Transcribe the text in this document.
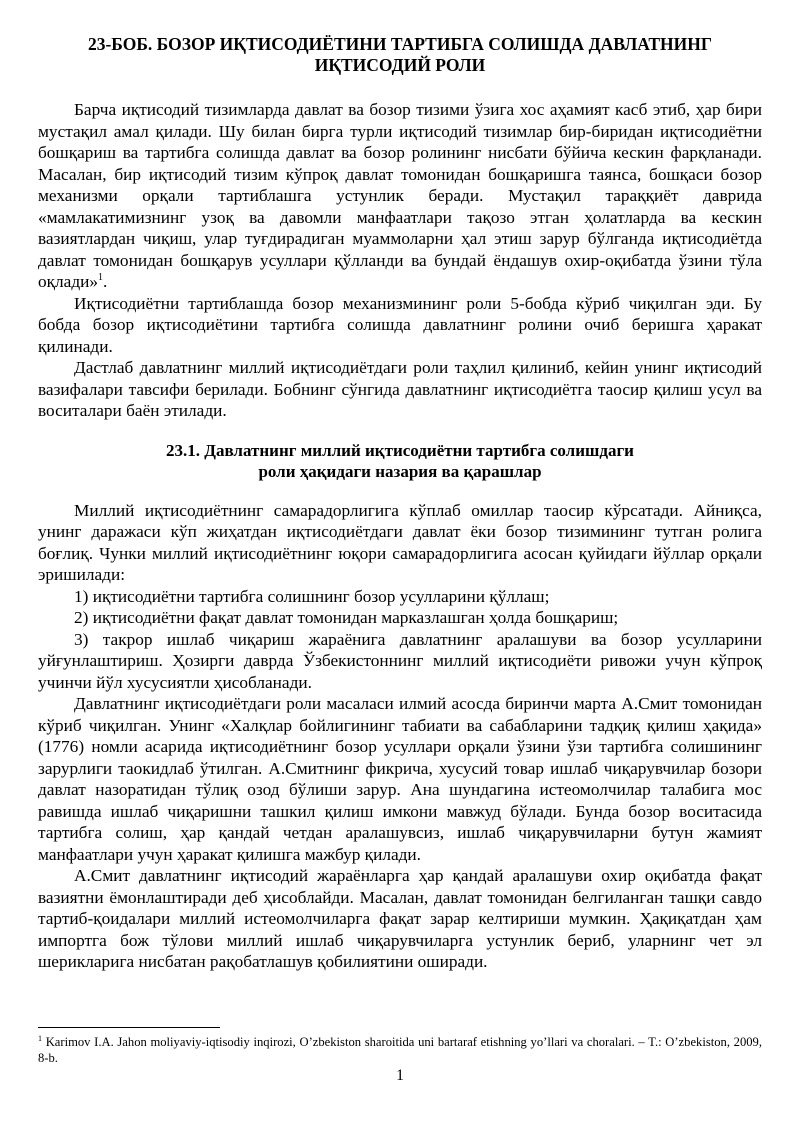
23-БОБ. БОЗОР ИҚТИСОДИЁТИНИ ТАРТИБГА СОЛИШДА ДАВЛАТНИНГ
ИҚТИСОДИЙ РОЛИ

Барча иқтисодий тизимларда давлат ва бозор тизими ўзига хос аҳамият касб этиб, ҳар бири мустақил амал қилади. Шу билан бирга турли иқтисодий тизимлар бир-биридан иқтисодиётни бошқариш ва тартибга солишда давлат ва бозор ролининг нисбати бўйича кескин фарқланади. Масалан, бир иқтисодий тизим кўпроқ давлат томонидан бошқаришга таянса, бошқаси бозор механизми орқали тартиблашга устунлик беради. Мустақил тараққиёт даврида «мамлакатимизнинг узоқ ва давомли манфаатлари тақозо этган ҳолатларда ва кескин вазиятлардан чиқиш, улар туғдирадиган муаммоларни ҳал этиш зарур бўлганда иқтисодиётда давлат томонидан бошқарув усуллари қўлланди ва бундай ёндашув охир-оқибатда ўзини тўла оқлади»$^1$.

Иқтисодиётни тартиблашда бозор механизмининг роли 5-бобда кўриб чиқилган эди. Бу бобда бозор иқтисодиётини тартибга солишда давлатнинг ролини очиб беришга ҳаракат қилинади.

Дастлаб давлатнинг миллий иқтисодиётдаги роли таҳлил қилиниб, кейин унинг иқтисодий вазифалари тавсифи берилади. Бобнинг сўнгида давлатнинг иқтисодиётга таосир қилиш усул ва воситалари баён этилади.

23.1. Давлатнинг миллий иқтисодиётни тартибга солишдаги
роли ҳақидаги назария ва қарашлар

Миллий иқтисодиётнинг самарадорлигига кўплаб омиллар таосир кўрсатади. Айниқса, унинг даражаси кўп жиҳатдан иқтисодиётдаги давлат ёки бозор тизимининг тутган ролига боғлиқ. Чунки миллий иқтисодиётнинг юқори самарадорлигига асосан қуйидаги йўллар орқали эришилади:

1) иқтисодиётни тартибга солишнинг бозор усулларини қўллаш;

2) иқтисодиётни фақат давлат томонидан марказлашган ҳолда бошқариш;

3) такрор ишлаб чиқариш жараёнига давлатнинг аралашуви ва бозор усулларини уйғунлаштириш. Ҳозирги даврда Ўзбекистоннинг миллий иқтисодиёти ривожи учун кўпроқ учинчи йўл хусусиятли ҳисобланади.

Давлатнинг иқтисодиётдаги роли масаласи илмий асосда биринчи марта А.Смит томонидан кўриб чиқилган. Унинг «Халқлар бойлигининг табиати ва сабабларини тадқиқ қилиш ҳақида» (1776) номли асарида иқтисодиётнинг бозор усуллари орқали ўзини ўзи тартибга солишининг зарурлиги таокидлаб ўтилган. А.Смитнинг фикрича, хусусий товар ишлаб чиқарувчилар бозори давлат назоратидан тўлиқ озод бўлиши зарур. Ана шундагина истеомолчилар талабига мос равишда ишлаб чиқаришни ташкил қилиш имкони мавжуд бўлади. Бунда бозор воситасида тартибга солиш, ҳар қандай четдан аралашувсиз, ишлаб чиқарувчиларни бутун жамият манфаатлари учун ҳаракат қилишга мажбур қилади.

А.Смит давлатнинг иқтисодий жараёнларга ҳар қандай аралашуви охир оқибатда фақат вазиятни ёмонлаштиради деб ҳисоблайди. Масалан, давлат томонидан белгиланган ташқи савдо тартиб-қоидалари миллий истеомолчиларга фақат зарар келтириши мумкин. Ҳақиқатдан ҳам импортга бож тўлови миллий ишлаб чиқарувчиларга устунлик бериб, уларнинг чет эл шерикларига нисбатан рақобатлашув қобилиятини оширади.

$^1$ Karimov I.A. Jahon moliyaviy-iqtisodiy inqirozi, O’zbekiston sharoitida uni bartaraf etishning yo’llari va choralari. – T.: O’zbekiston, 2009, 8-b.

1
